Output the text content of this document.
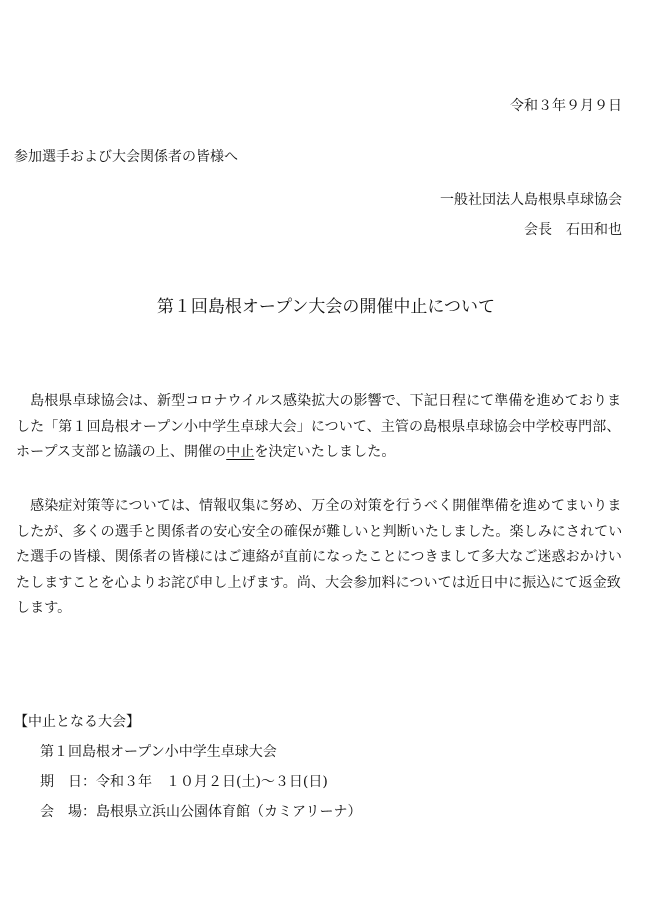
令和３年９月９日
参加選手および大会関係者の皆様へ
一般社団法人島根県卓球協会
会長　石田和也
第１回島根オープン大会の開催中止について
　島根県卓球協会は、新型コロナウイルス感染拡大の影響で、下記日程にて準備を進めておりま
した「第１回島根オープン小中学生卓球大会」について、主管の島根県卓球協会中学校専門部、
ホープス支部と協議の上、開催の中止を決定いたしました。
　感染症対策等については、情報収集に努め、万全の対策を行うべく開催準備を進めてまいりま
したが、多くの選手と関係者の安心安全の確保が難しいと判断いたしました。楽しみにされてい
た選手の皆様、関係者の皆様にはご連絡が直前になったことにつきまして多大なご迷惑おかけい
たしますことを心よりお詫び申し上げます。尚、大会参加料については近日中に振込にて返金致
します。
【中止となる大会】
第１回島根オープン小中学生卓球大会
期　日：令和３年　１０月２日(土)～３日(日)
会　場：島根県立浜山公園体育館（カミアリーナ）
